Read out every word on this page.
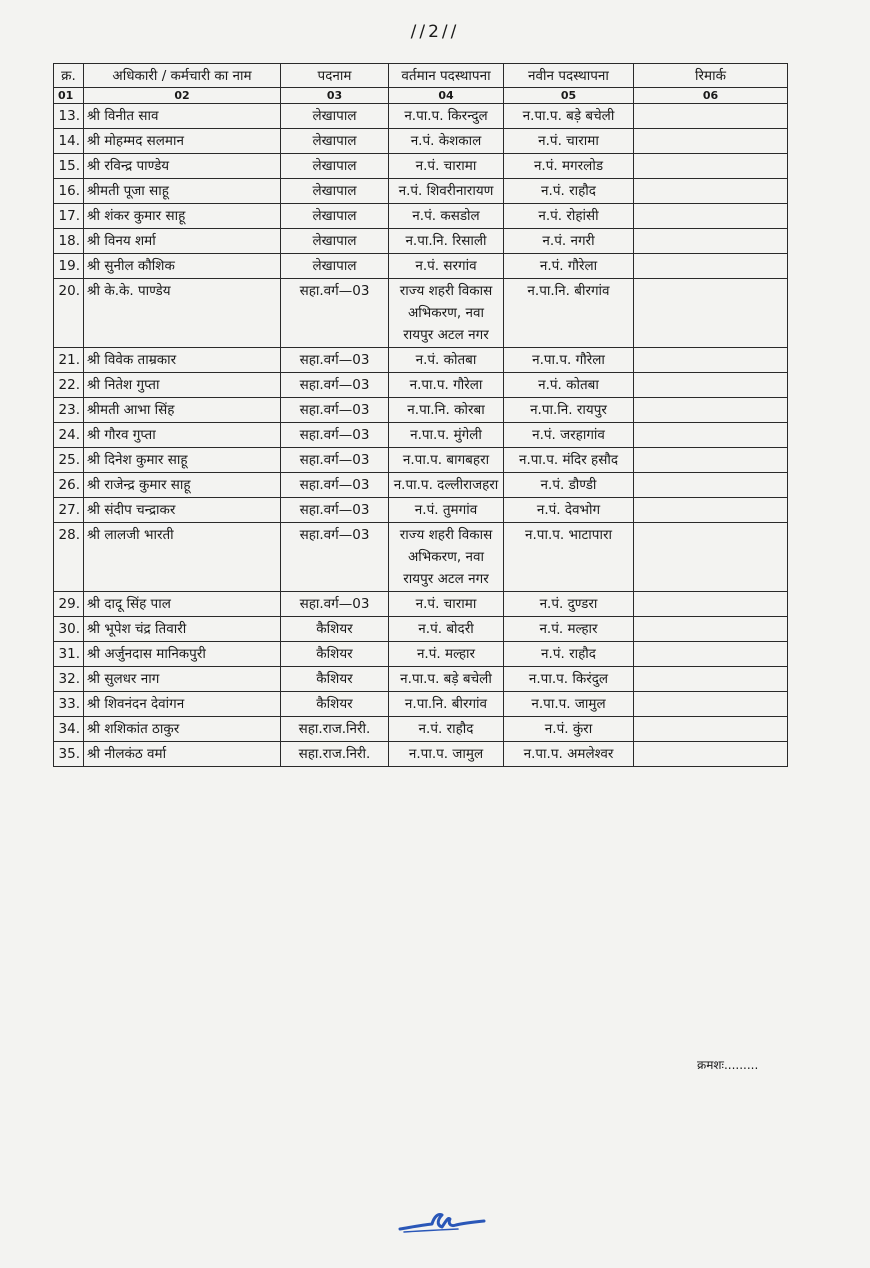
//2//
क्र.	अधिकारी / कर्मचारी का नाम	पदनाम	वर्तमान पदस्थापना	नवीन पदस्थापना	रिमार्क
01	02	03	04	05	06
13.	श्री विनीत साव	लेखापाल	न.पा.प. किरन्दुल	न.पा.प. बड़े बचेली	
14.	श्री मोहम्मद सलमान	लेखापाल	न.पं. केशकाल	न.पं. चारामा	
15.	श्री रविन्द्र पाण्डेय	लेखापाल	न.पं. चारामा	न.पं. मगरलोड	
16.	श्रीमती पूजा साहू	लेखापाल	न.पं. शिवरीनारायण	न.पं. राहौद	
17.	श्री शंकर कुमार साहू	लेखापाल	न.पं. कसडोल	न.पं. रोहांसी	
18.	श्री विनय शर्मा	लेखापाल	न.पा.नि. रिसाली	न.पं. नगरी	
19.	श्री सुनील कौशिक	लेखापाल	न.पं. सरगांव	न.पं. गौरेला	
20.	श्री के.के. पाण्डेय	सहा.वर्ग—03	राज्य शहरी विकास अभिकरण, नवा रायपुर अटल नगर	न.पा.नि. बीरगांव	
21.	श्री विवेक ताम्रकार	सहा.वर्ग—03	न.पं. कोतबा	न.पा.प. गौरेला	
22.	श्री नितेश गुप्ता	सहा.वर्ग—03	न.पा.प. गौरेला	न.पं. कोतबा	
23.	श्रीमती आभा सिंह	सहा.वर्ग—03	न.पा.नि. कोरबा	न.पा.नि. रायपुर	
24.	श्री गौरव गुप्ता	सहा.वर्ग—03	न.पा.प. मुंगेली	न.पं. जरहागांव	
25.	श्री दिनेश कुमार साहू	सहा.वर्ग—03	न.पा.प. बागबहरा	न.पा.प. मंदिर हसौद	
26.	श्री राजेन्द्र कुमार साहू	सहा.वर्ग—03	न.पा.प. दल्लीराजहरा	न.पं. डौण्डी	
27.	श्री संदीप चन्द्राकर	सहा.वर्ग—03	न.पं. तुमगांव	न.पं. देवभोग	
28.	श्री लालजी भारती	सहा.वर्ग—03	राज्य शहरी विकास अभिकरण, नवा रायपुर अटल नगर	न.पा.प. भाटापारा	
29.	श्री दादू सिंह पाल	सहा.वर्ग—03	न.पं. चारामा	न.पं. दुण्डरा	
30.	श्री भूपेश चंद्र तिवारी	कैशियर	न.पं. बोदरी	न.पं. मल्हार	
31.	श्री अर्जुनदास मानिकपुरी	कैशियर	न.पं. मल्हार	न.पं. राहौद	
32.	श्री सुलधर नाग	कैशियर	न.पा.प. बड़े बचेली	न.पा.प. किरंदुल	
33.	श्री शिवनंदन देवांगन	कैशियर	न.पा.नि. बीरगांव	न.पा.प. जामुल	
34.	श्री शशिकांत ठाकुर	सहा.राज.निरी.	न.पं. राहौद	न.पं. कुंरा	
35.	श्री नीलकंठ वर्मा	सहा.राज.निरी.	न.पा.प. जामुल	न.पा.प. अमलेश्वर	
क्रमशः.........
